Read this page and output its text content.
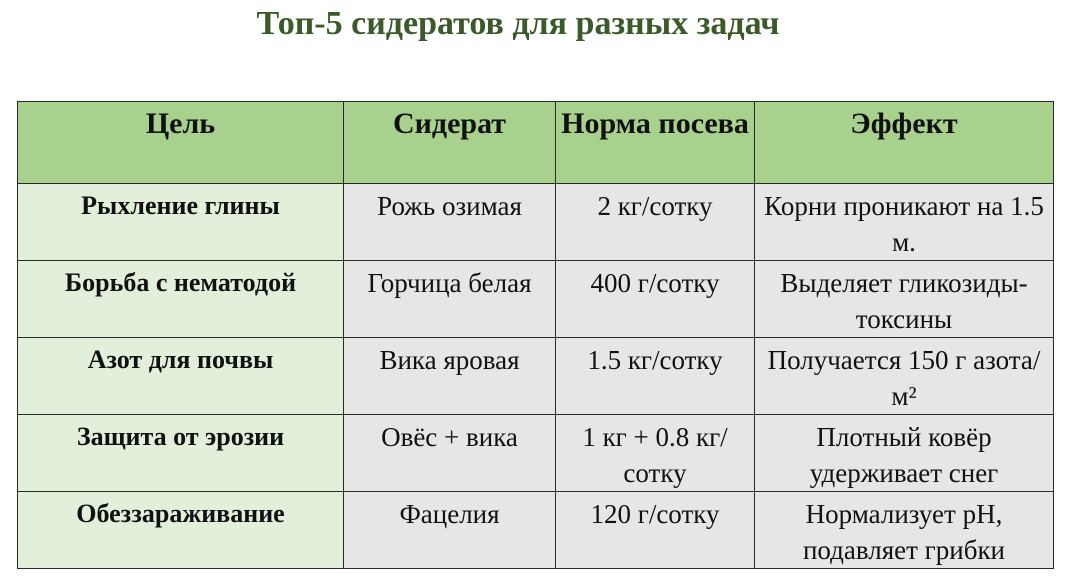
Топ-5 сидератов для разных задач
Цель	Сидерат	Норма посева	Эффект
Рыхление глины	Рожь озимая	2 кг/сотку	Корни проникают на 1.5 м.
Борьба с нематодой	Горчица белая	400 г/сотку	Выделяет гликозиды-токсины
Азот для почвы	Вика яровая	1.5 кг/сотку	Получается 150 г азота/м²
Защита от эрозии	Овёс + вика	1 кг + 0.8 кг/сотку	Плотный ковёр удерживает снег
Обеззараживание	Фацелия	120 г/сотку	Нормализует pH, подавляет грибки
